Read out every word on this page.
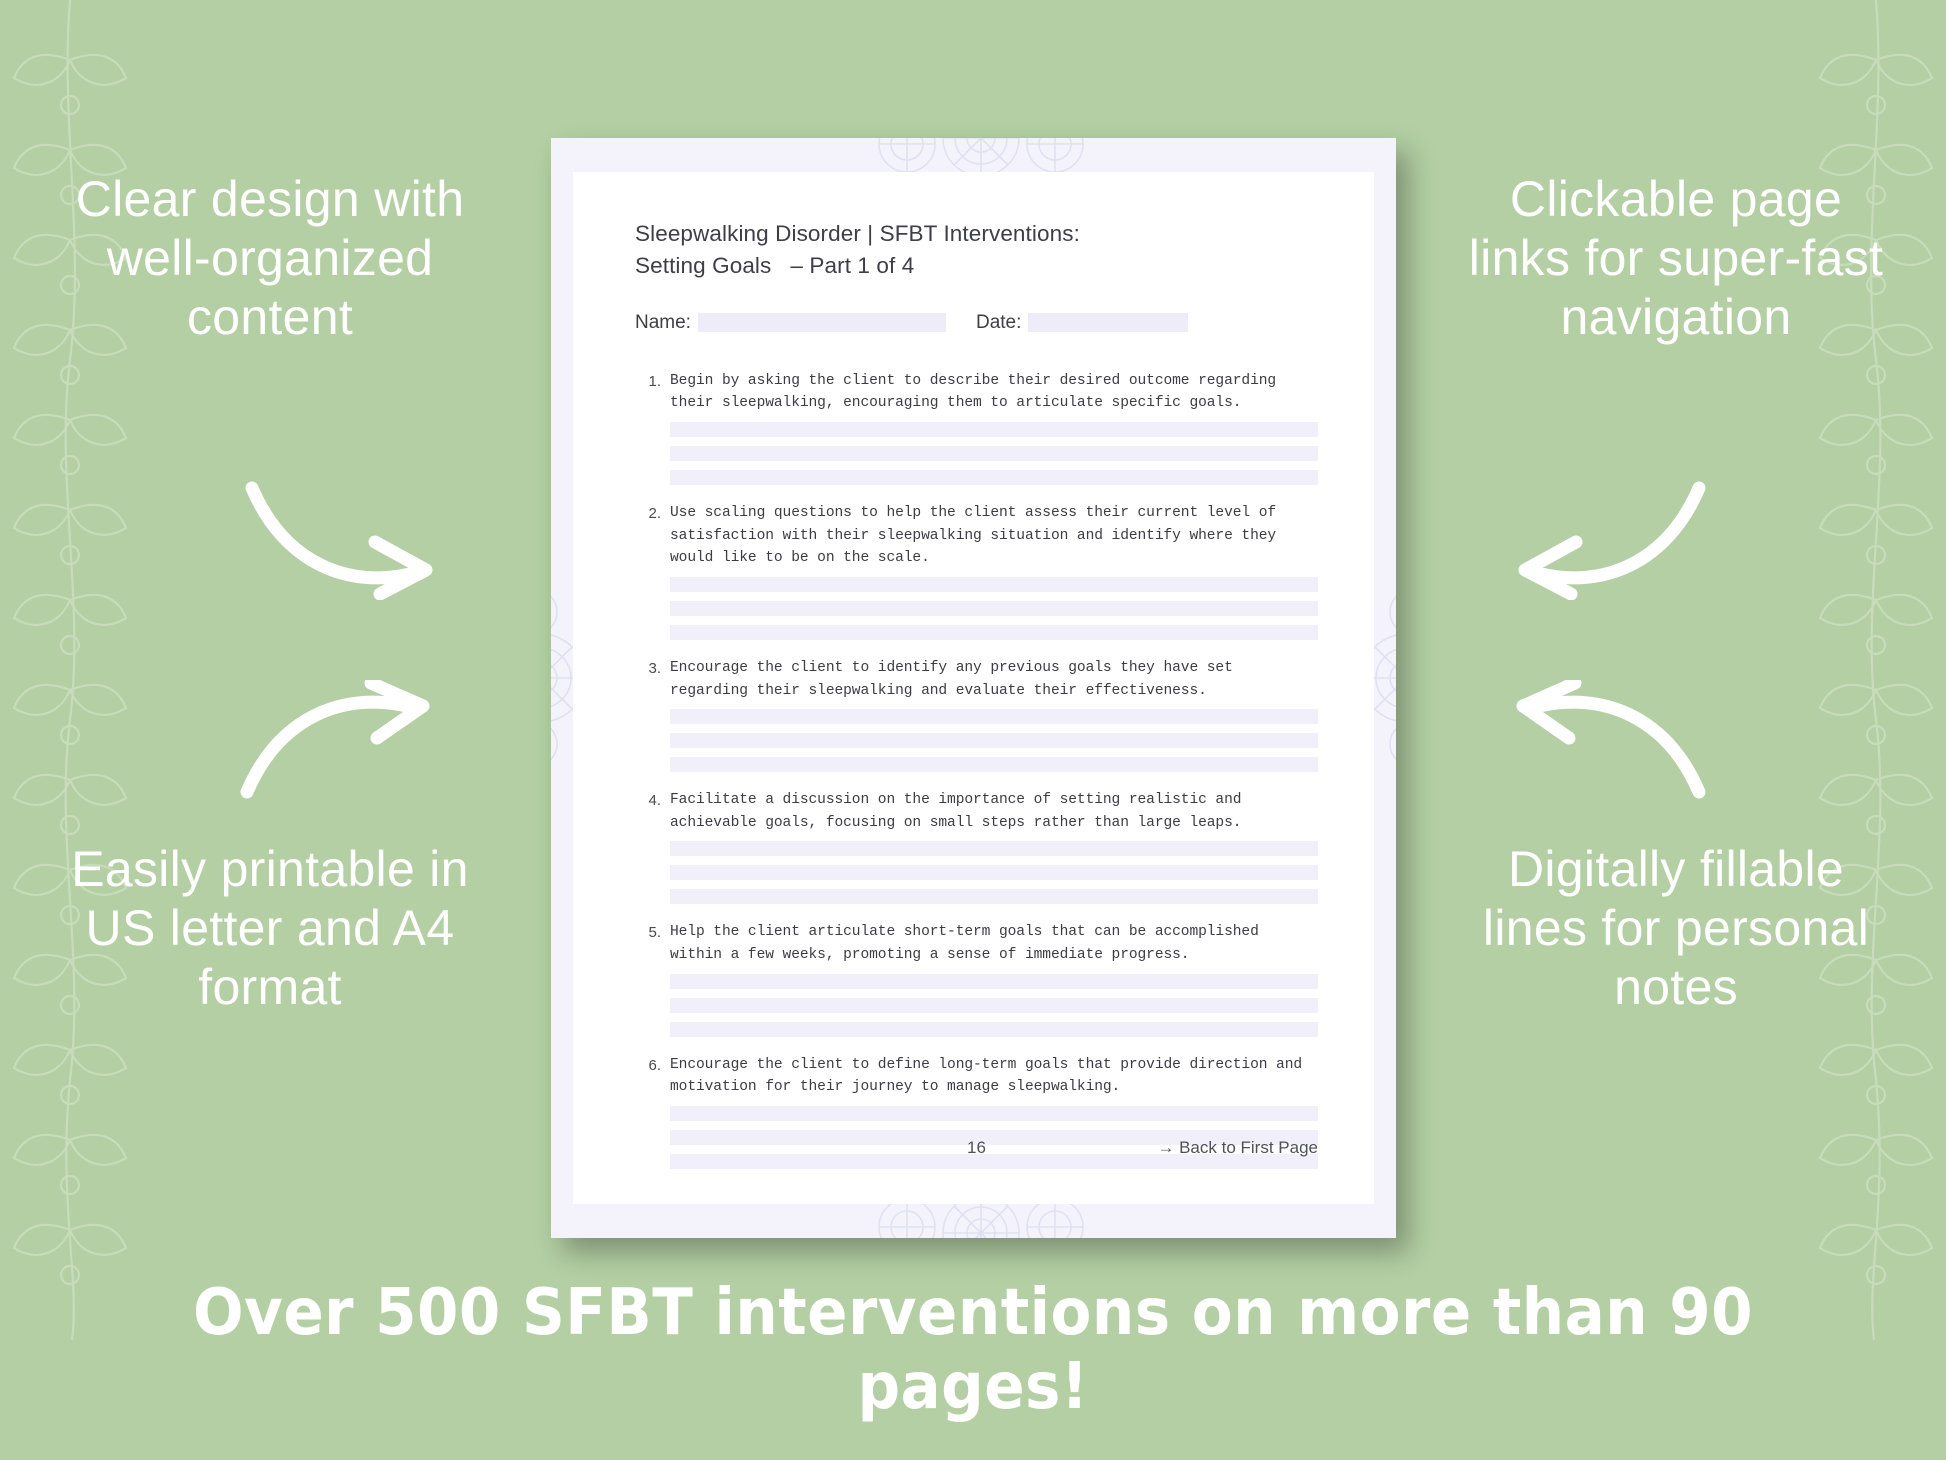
Clear design with well-organized content
Easily printable in US letter and A4 format
Clickable page links for super-fast navigation
Digitally fillable lines for personal notes
Sleepwalking Disorder | SFBT Interventions:
Setting Goals   – Part 1 of 4
Name:	Date:
1. Begin by asking the client to describe their desired outcome regarding their sleepwalking, encouraging them to articulate specific goals.
2. Use scaling questions to help the client assess their current level of satisfaction with their sleepwalking situation and identify where they would like to be on the scale.
3. Encourage the client to identify any previous goals they have set regarding their sleepwalking and evaluate their effectiveness.
4. Facilitate a discussion on the importance of setting realistic and achievable goals, focusing on small steps rather than large leaps.
5. Help the client articulate short-term goals that can be accomplished within a few weeks, promoting a sense of immediate progress.
6. Encourage the client to define long-term goals that provide direction and motivation for their journey to manage sleepwalking.
16	→ Back to First Page
Over 500 SFBT interventions on more than 90 pages!
